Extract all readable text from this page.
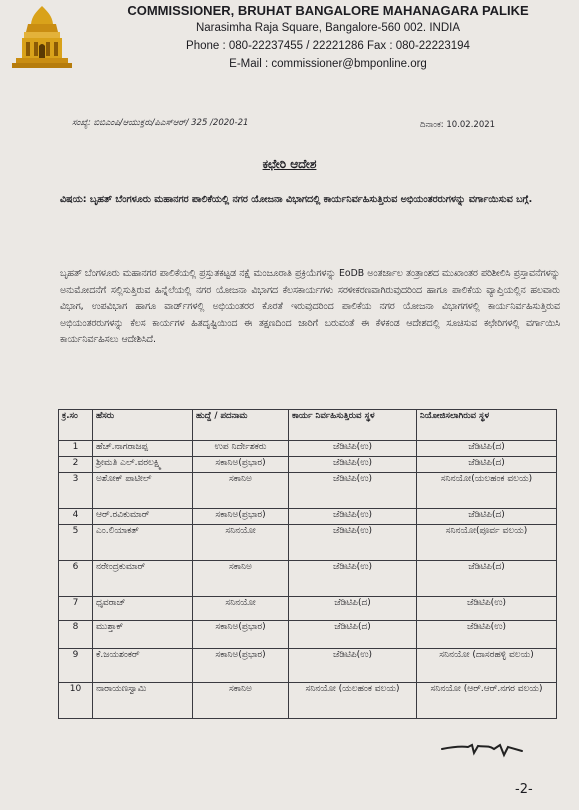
COMMISSIONER, BRUHAT BANGALORE MAHANAGARA PALIKE

Narasimha Raja Square, Bangalore-560 002. INDIA

Phone : 080-22237455 / 22221286 Fax : 080-22223194

E-Mail : commissioner@bmponline.org

ಸಂಖ್ಯೆ: ಬಿಬಿಎಂಪಿ/ಆಯುಕ್ತರು/ಪಿಎಸ್‌ಆರ್/ 325 /2020-21	ದಿನಾಂಕ: 10.02.2021
ಕಛೇರಿ ಆದೇಶ
ವಿಷಯ: ಬೃಹತ್ ಬೆಂಗಳೂರು ಮಹಾನಗರ ಪಾಲಿಕೆಯಲ್ಲಿ ನಗರ ಯೋಜನಾ ವಿಭಾಗದಲ್ಲಿ ಕಾರ್ಯನಿರ್ವಹಿಸುತ್ತಿರುವ ಅಭಿಯಂತರರುಗಳನ್ನು ವರ್ಗಾಯಿಸುವ ಬಗ್ಗೆ.
ಬೃಹತ್ ಬೆಂಗಳೂರು ಮಹಾನಗರ ಪಾಲಿಕೆಯಲ್ಲಿ ಪ್ರಸ್ತುತಕಟ್ಟಡ ನಕ್ಷೆ ಮಂಜೂರಾತಿ ಪ್ರಕ್ರಿಯೆಗಳನ್ನು EoDB ಅಂತರ್ಜಾಲ ತಂತ್ರಾಂಶದ ಮುಖಾಂತರ ಪರಿಶೀಲಿಸಿ ಪ್ರಸ್ತಾವನೆಗಳನ್ನು ಅನುಮೋದನೆಗೆ ಸಲ್ಲಿಸುತ್ತಿರುವ ಹಿನ್ನೆಲೆಯಲ್ಲಿ ನಗರ ಯೋಜನಾ ವಿಭಾಗದ ಕೆಲಸಕಾರ್ಯಗಳು ಸರಳೀಕರಣವಾಗಿರುವುದರಿಂದ ಹಾಗೂ ಪಾಲಿಕೆಯ ವ್ಯಾಪ್ತಿಯಲ್ಲಿನ ಹಲವಾರು ವಿಭಾಗ, ಉಪವಿಭಾಗ ಹಾಗೂ ವಾರ್ಡ್‌ಗಳಲ್ಲಿ ಅಭಿಯಂತರರ ಕೊರತೆ ಇರುವುದರಿಂದ ಪಾಲಿಕೆಯ ನಗರ ಯೋಜನಾ ವಿಭಾಗಗಳಲ್ಲಿ ಕಾರ್ಯನಿರ್ವಹಿಸುತ್ತಿರುವ ಅಭಿಯಂತರರುಗಳನ್ನು ಕೆಲಸ ಕಾರ್ಯಗಳ ಹಿತದೃಷ್ಟಿಯಿಂದ ಈ ತಕ್ಷಣದಿಂದ ಜಾರಿಗೆ ಬರುವಂತೆ ಈ ಕೆಳಕಂಡ ಆದೇಶದಲ್ಲಿ ಸೂಚಿಸುವ ಕಛೇರಿಗಳಲ್ಲಿ ವರ್ಗಾಯಿಸಿ ಕಾರ್ಯನಿರ್ವಹಿಸಲು ಆದೇಶಿಸಿದೆ.
ಕ್ರ.ಸಂ	ಹೆಸರು	ಹುದ್ದೆ / ಪದನಾಮ	ಕಾರ್ಯ ನಿರ್ವಹಿಸುತ್ತಿರುವ ಸ್ಥಳ	ನಿಯೋಜಿಸಲಾಗಿರುವ ಸ್ಥಳ
1	ಹೆಚ್.ನಾಗರಾಜಪ್ಪ	ಉಪ ನಿರ್ದೇಶಕರು	ಜೆಡಿಟಿಪಿ(ಉ)	ಜೆಡಿಟಿಪಿ(ದ)
2	ಶ್ರೀಮತಿ ಎಲ್.ವರಲಕ್ಷ್ಮಿ	ಸಕಾನಿಅ(ಪ್ರಭಾರ)	ಜೆಡಿಟಿಪಿ(ಉ)	ಜೆಡಿಟಿಪಿ(ದ)
3	ಅಶೋಕ್ ಪಾಟೀಲ್	ಸಕಾನಿಅ	ಜೆಡಿಟಿಪಿ(ಉ)	ಸನಿನಯೋ(ಯಲಹಂಕ ವಲಯ)
4	ಆರ್.ರವಿಕುಮಾರ್	ಸಕಾನಿಅ(ಪ್ರಭಾರ)	ಜೆಡಿಟಿಪಿ(ಉ)	ಜೆಡಿಟಿಪಿ(ದ)
5	ಎಂ.ಲಿಯಾಕತ್	ಸನಿನಯೋ	ಜೆಡಿಟಿಪಿ(ಉ)	ಸನಿನಯೋ(ಪೂರ್ವ ವಲಯ)
6	ನರೇಂದ್ರಕುಮಾರ್	ಸಕಾನಿಅ	ಜೆಡಿಟಿಪಿ(ಉ)	ಜೆಡಿಟಿಪಿ(ದ)
7	ಧೃವರಾಜ್	ಸನಿನಯೋ	ಜೆಡಿಟಿಪಿ(ದ)	ಜೆಡಿಟಿಪಿ(ಉ)
8	ಮುಶ್ತಾಕ್	ಸಕಾನಿಅ(ಪ್ರಭಾರ)	ಜೆಡಿಟಿಪಿ(ದ)	ಜೆಡಿಟಿಪಿ(ಉ)
9	ಕೆ.ಜಯಶಂಕರ್	ಸಕಾನಿಅ(ಪ್ರಭಾರ)	ಜೆಡಿಟಿಪಿ(ಉ)	ಸನಿನಯೋ (ದಾಸರಹಳ್ಳಿ ವಲಯ)
10	ನಾರಾಯಣಸ್ವಾಮಿ	ಸಕಾನಿಅ	ಸನಿನಯೋ (ಯಲಹಂಕ ವಲಯ)	ಸನಿನಯೋ (ಆರ್.ಆರ್.ನಗರ ವಲಯ)
-2-
